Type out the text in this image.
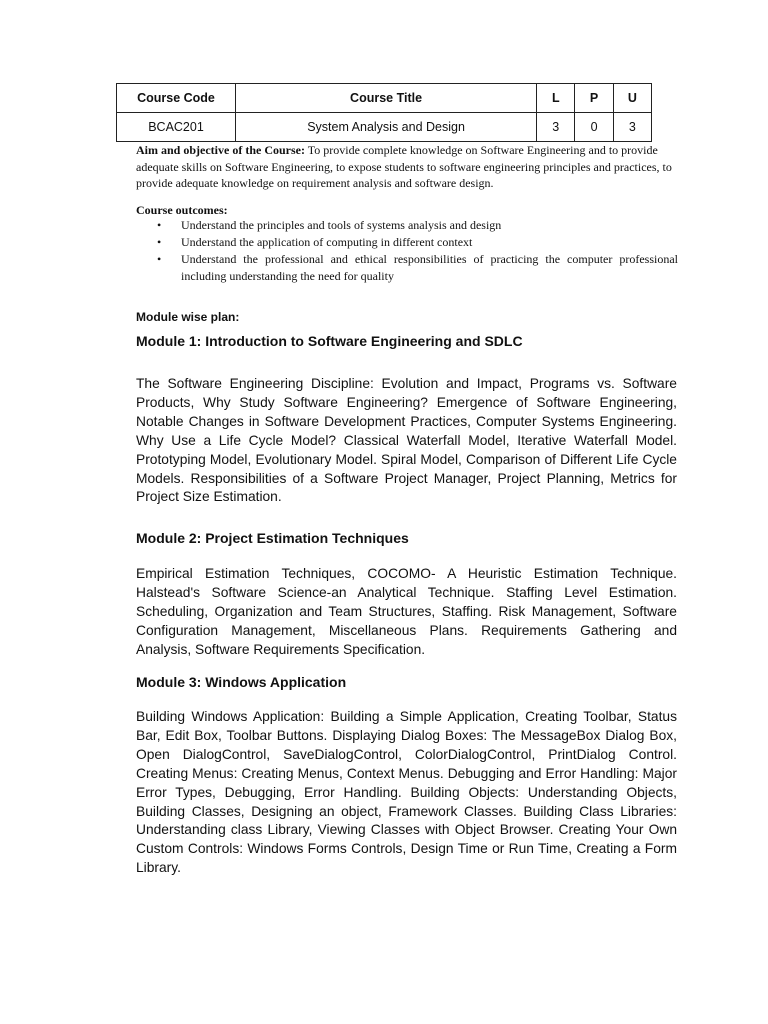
Course Code	Course Title	L	P	U
BCAC201	System Analysis and Design	3	0	3
Aim and objective of the Course: To provide complete knowledge on Software Engineering and to provide adequate skills on Software Engineering, to expose students to software engineering principles and practices, to provide adequate knowledge on requirement analysis and software design.
Course outcomes:
• Understand the principles and tools of systems analysis and design
• Understand the application of computing in different context
• Understand the professional and ethical responsibilities of practicing the computer professional including understanding the need for quality
Module wise plan:
Module 1: Introduction to Software Engineering and SDLC
The Software Engineering Discipline: Evolution and Impact, Programs vs. Software Products, Why Study Software Engineering? Emergence of Software Engineering, Notable Changes in Software Development Practices, Computer Systems Engineering. Why Use a Life Cycle Model? Classical Waterfall Model, Iterative Waterfall Model. Prototyping Model, Evolutionary Model. Spiral Model, Comparison of Different Life Cycle Models. Responsibilities of a Software Project Manager, Project Planning, Metrics for Project Size Estimation.
Module 2: Project Estimation Techniques
Empirical Estimation Techniques, COCOMO- A Heuristic Estimation Technique. Halstead's Software Science-an Analytical Technique. Staffing Level Estimation. Scheduling, Organization and Team Structures, Staffing. Risk Management, Software Configuration Management, Miscellaneous Plans. Requirements Gathering and Analysis, Software Requirements Specification.
Module 3: Windows Application
Building Windows Application: Building a Simple Application, Creating Toolbar, Status Bar, Edit Box, Toolbar Buttons. Displaying Dialog Boxes: The MessageBox Dialog Box, Open DialogControl, SaveDialogControl, ColorDialogControl, PrintDialog Control. Creating Menus: Creating Menus, Context Menus. Debugging and Error Handling: Major Error Types, Debugging, Error Handling. Building Objects: Understanding Objects, Building Classes, Designing an object, Framework Classes. Building Class Libraries: Understanding class Library, Viewing Classes with Object Browser. Creating Your Own Custom Controls: Windows Forms Controls, Design Time or Run Time, Creating a Form Library.
